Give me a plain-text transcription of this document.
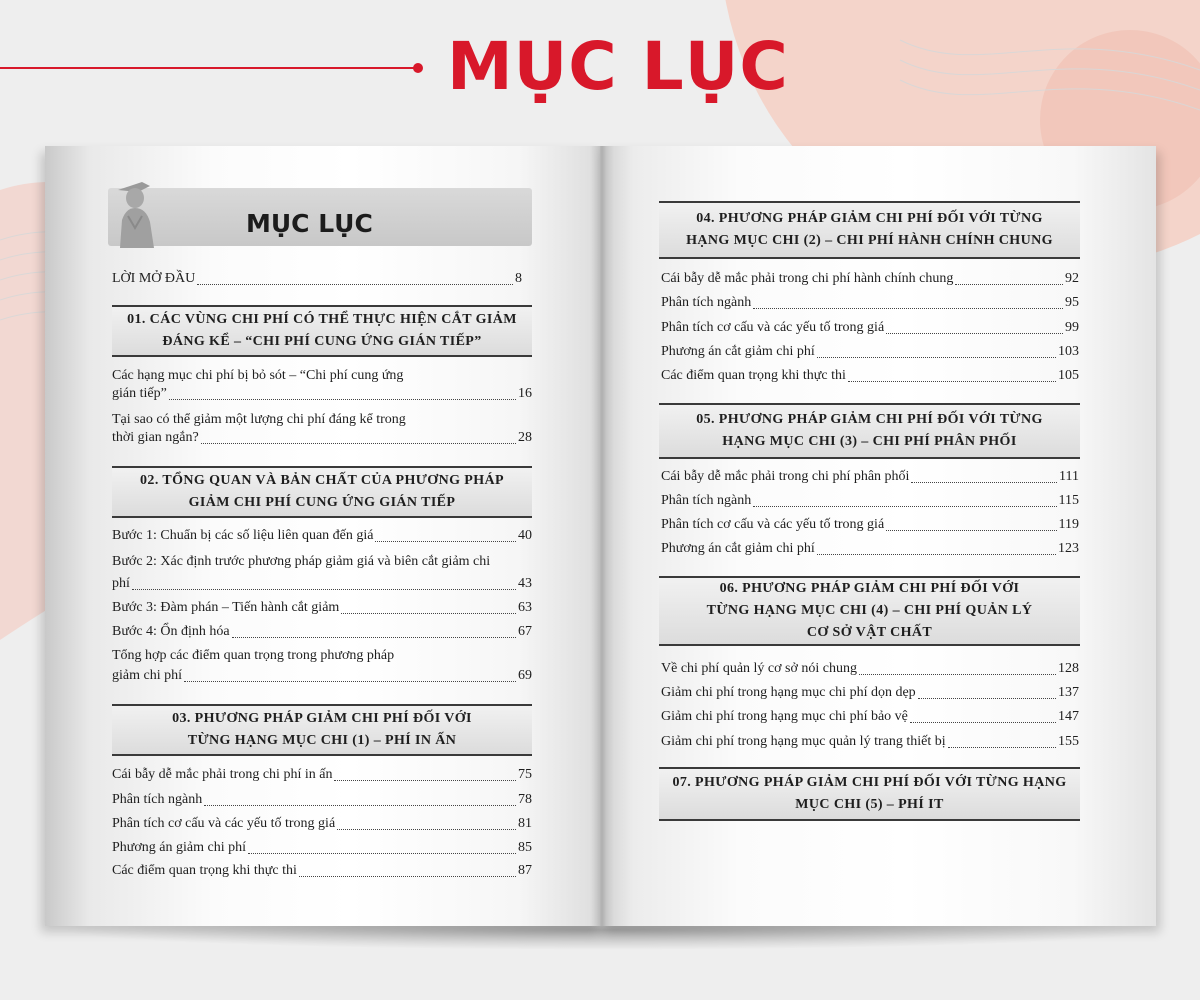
MỤC LỤC
MỤC LỤC
LỜI MỞ ĐẦU	8
01. CÁC VÙNG CHI PHÍ CÓ THỂ THỰC HIỆN CẮT GIẢM
ĐÁNG KỂ – “CHI PHÍ CUNG ỨNG GIÁN TIẾP”
Các hạng mục chi phí bị bỏ sót – “Chi phí cung ứng
gián tiếp”	16
Tại sao có thể giảm một lượng chi phí đáng kể trong
thời gian ngắn?	28
02. TỔNG QUAN VÀ BẢN CHẤT CỦA PHƯƠNG PHÁP
GIẢM CHI PHÍ CUNG ỨNG GIÁN TIẾP
Bước 1: Chuẩn bị các số liệu liên quan đến giá	40
Bước 2: Xác định trước phương pháp giảm giá và biên cắt giảm chi
phí	43
Bước 3: Đàm phán – Tiến hành cắt giảm	63
Bước 4: Ổn định hóa	67
Tổng hợp các điểm quan trọng trong phương pháp
giảm chi phí	69
03. PHƯƠNG PHÁP GIẢM CHI PHÍ ĐỐI VỚI
TỪNG HẠNG MỤC CHI (1) – PHÍ IN ẤN
Cái bẫy dễ mắc phải trong chi phí in ấn	75
Phân tích ngành	78
Phân tích cơ cấu và các yếu tố trong giá	81
Phương án giảm chi phí	85
Các điểm quan trọng khi thực thi	87
04. PHƯƠNG PHÁP GIẢM CHI PHÍ ĐỐI VỚI TỪNG
HẠNG MỤC CHI (2) – CHI PHÍ HÀNH CHÍNH CHUNG
Cái bẫy dễ mắc phải trong chi phí hành chính chung	92
Phân tích ngành	95
Phân tích cơ cấu và các yếu tố trong giá	99
Phương án cắt giảm chi phí	103
Các điểm quan trọng khi thực thi	105
05. PHƯƠNG PHÁP GIẢM CHI PHÍ ĐỐI VỚI TỪNG
HẠNG MỤC CHI (3) – CHI PHÍ PHÂN PHỐI
Cái bẫy dễ mắc phải trong chi phí phân phối	111
Phân tích ngành	115
Phân tích cơ cấu và các yếu tố trong giá	119
Phương án cắt giảm chi phí	123
06. PHƯƠNG PHÁP GIẢM CHI PHÍ ĐỐI VỚI
TỪNG HẠNG MỤC CHI (4) – CHI PHÍ QUẢN LÝ
CƠ SỞ VẬT CHẤT
Về chi phí quản lý cơ sở nói chung	128
Giảm chi phí trong hạng mục chi phí dọn dẹp	137
Giảm chi phí trong hạng mục chi phí bảo vệ	147
Giảm chi phí trong hạng mục quản lý trang thiết bị	155
07. PHƯƠNG PHÁP GIẢM CHI PHÍ ĐỐI VỚI TỪNG HẠNG
MỤC CHI (5) – PHÍ IT
